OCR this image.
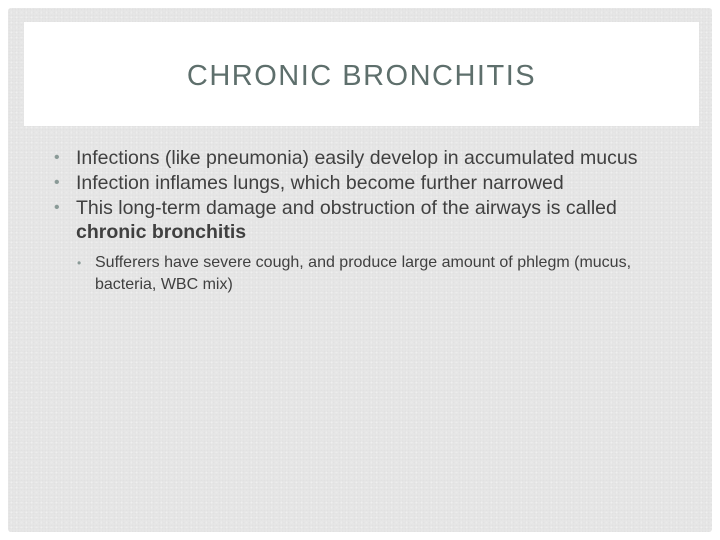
CHRONIC BRONCHITIS
• Infections (like pneumonia) easily develop in accumulated mucus
• Infection inflames lungs, which become further narrowed
• This long-term damage and obstruction of the airways is called chronic bronchitis
• Sufferers have severe cough, and produce large amount of phlegm (mucus, bacteria, WBC mix)
